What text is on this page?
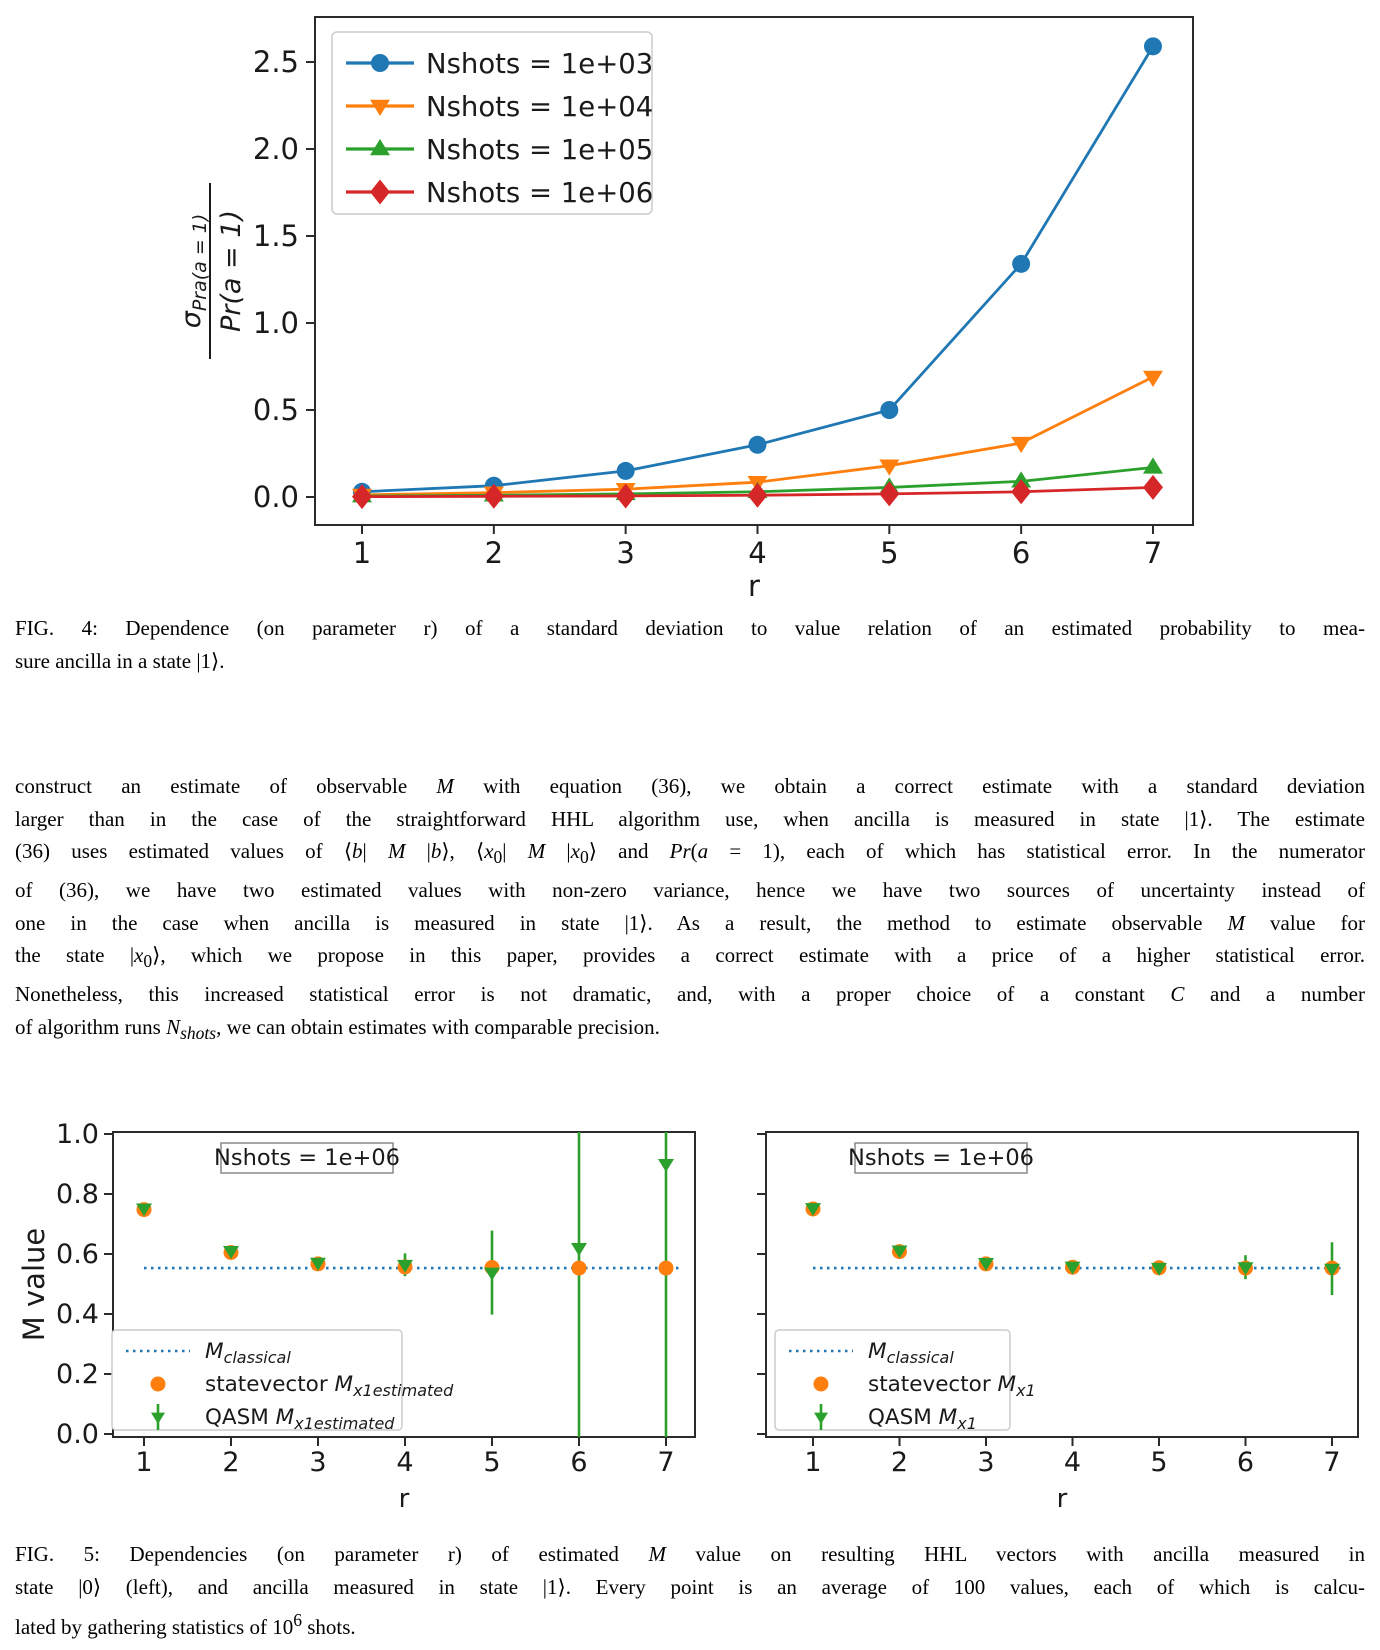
0.0
0.5
1.0
1.5
2.0
2.5
1	2	3	4	5	6	7
r
$\sigma_{Pra(a = 1)}$ Pr(a = 1)
Nshots = 1e+03
Nshots = 1e+04
Nshots = 1e+05
Nshots = 1e+06
FIG. 4: Dependence (on parameter r) of a standard deviation to value relation of an estimated probability to mea-
sure ancilla in a state |1⟩.
construct an estimate of observable M with equation (36), we obtain a correct estimate with a standard deviation
larger than in the case of the straightforward HHL algorithm use, when ancilla is measured in state |1⟩. The estimate
(36) uses estimated values of ⟨b| M |b⟩, $⟨x_0|$ M $|x_0⟩$ and Pr(a = 1), each of which has statistical error. In the numerator
of (36), we have two estimated values with non-zero variance, hence we have two sources of uncertainty instead of
one in the case when ancilla is measured in state |1⟩. As a result, the method to estimate observable M value for
the state $|x_0⟩$, which we propose in this paper, provides a correct estimate with a price of a higher statistical error.
Nonetheless, this increased statistical error is not dramatic, and, with a proper choice of a constant C and a number
of algorithm runs $N_{shots}$, we can obtain estimates with comparable precision.
0.0
0.2
0.4
0.6
0.8
1.0
1	2	3	4	5	6	7
r
M value
Nshots = 1e+06
$M_{classical}$
statevector $M_{x1estimated}$
QASM $M_{x1estimated}$
1	2	3	4	5	6	7
r
Nshots = 1e+06
$M_{classical}$
statevector $M_{x1}$
QASM $M_{x1}$
FIG. 5: Dependencies (on parameter r) of estimated M value on resulting HHL vectors with ancilla measured in
state |0⟩ (left), and ancilla measured in state |1⟩. Every point is an average of 100 values, each of which is calcu-
lated by gathering statistics of $10^6$ shots.
